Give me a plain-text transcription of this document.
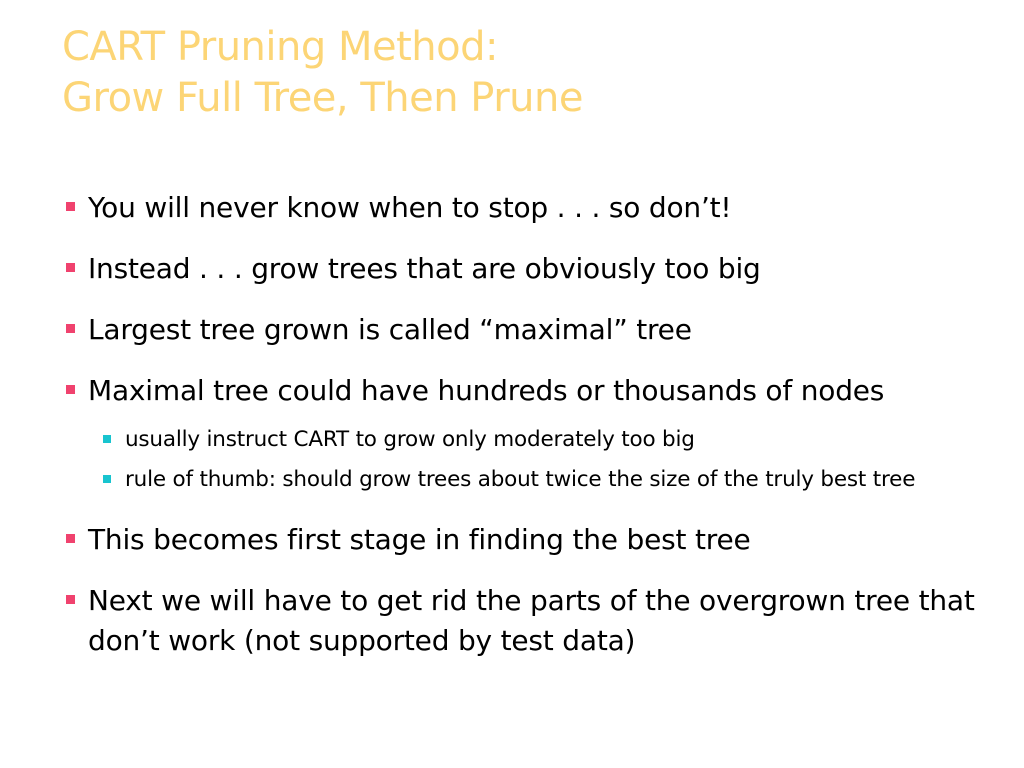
CART Pruning Method:
Grow Full Tree, Then Prune
You will never know when to stop . . . so don’t!
Instead . . . grow trees that are obviously too big
Largest tree grown is called “maximal” tree
Maximal tree could have hundreds or thousands of nodes
usually instruct CART to grow only moderately too big
rule of thumb: should grow trees about twice the size of the truly best tree
This becomes first stage in finding the best tree
Next we will have to get rid the parts of the overgrown tree that don’t work (not supported by test data)
